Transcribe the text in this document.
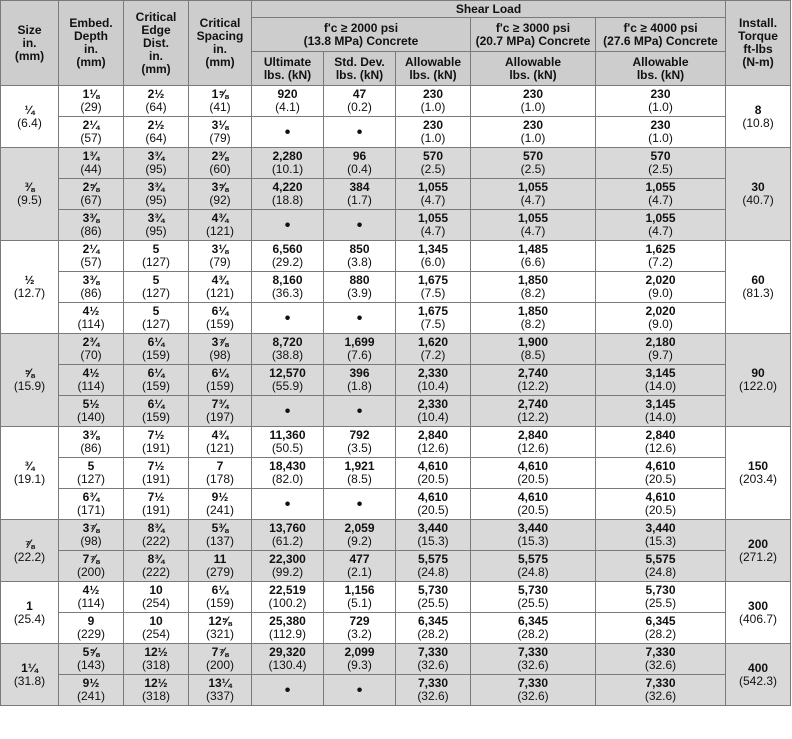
Size
in.
(mm)	Embed.
Depth
in.
(mm)	Critical
Edge
Dist.
in.
(mm)	Critical
Spacing
in.
(mm)	Shear Load					Install.
Torque
ft-lbs
(N-m)
				f'c ≥ 2000 psi
(13.8 MPa) Concrete			f'c ≥ 3000 psi
(20.7 MPa) Concrete	f'c ≥ 4000 psi
(27.6 MPa) Concrete	
				Ultimate
lbs. (kN)	Std. Dev.
lbs. (kN)	Allowable
lbs. (kN)	Allowable
lbs. (kN)	Allowable
lbs. (kN)	

¼
(6.4)	1⅛
(29)	2½
(64)	1⅝
(41)	920
(4.1)	47
(0.2)	230
(1.0)	230
(1.0)	230
(1.0)	8
(10.8)

	2¼
(57)	2½
(64)	3⅛
(79)	•	•	230
(1.0)	230
(1.0)	230
(1.0)	

⅜
(9.5)	1¾
(44)	3¾
(95)	2⅜
(60)	2,280
(10.1)	96
(0.4)	570
(2.5)	570
(2.5)	570
(2.5)	30
(40.7)

	2⅝
(67)	3¾
(95)	3⅝
(92)	4,220
(18.8)	384
(1.7)	1,055
(4.7)	1,055
(4.7)	1,055
(4.7)	

	3⅜
(86)	3¾
(95)	4¾
(121)	•	•	1,055
(4.7)	1,055
(4.7)	1,055
(4.7)	

½
(12.7)	2¼
(57)	5
(127)	3⅛
(79)	6,560
(29.2)	850
(3.8)	1,345
(6.0)	1,485
(6.6)	1,625
(7.2)	60
(81.3)

	3⅜
(86)	5
(127)	4¾
(121)	8,160
(36.3)	880
(3.9)	1,675
(7.5)	1,850
(8.2)	2,020
(9.0)	

	4½
(114)	5
(127)	6¼
(159)	•	•	1,675
(7.5)	1,850
(8.2)	2,020
(9.0)	

⅝
(15.9)	2¾
(70)	6¼
(159)	3⅞
(98)	8,720
(38.8)	1,699
(7.6)	1,620
(7.2)	1,900
(8.5)	2,180
(9.7)	90
(122.0)

	4½
(114)	6¼
(159)	6¼
(159)	12,570
(55.9)	396
(1.8)	2,330
(10.4)	2,740
(12.2)	3,145
(14.0)	

	5½
(140)	6¼
(159)	7¾
(197)	•	•	2,330
(10.4)	2,740
(12.2)	3,145
(14.0)	

¾
(19.1)	3⅜
(86)	7½
(191)	4¾
(121)	11,360
(50.5)	792
(3.5)	2,840
(12.6)	2,840
(12.6)	2,840
(12.6)	150
(203.4)

	5
(127)	7½
(191)	7
(178)	18,430
(82.0)	1,921
(8.5)	4,610
(20.5)	4,610
(20.5)	4,610
(20.5)	

	6¾
(171)	7½
(191)	9½
(241)	•	•	4,610
(20.5)	4,610
(20.5)	4,610
(20.5)	

⅞
(22.2)	3⅞
(98)	8¾
(222)	5⅜
(137)	13,760
(61.2)	2,059
(9.2)	3,440
(15.3)	3,440
(15.3)	3,440
(15.3)	200
(271.2)

	7⅞
(200)	8¾
(222)	11
(279)	22,300
(99.2)	477
(2.1)	5,575
(24.8)	5,575
(24.8)	5,575
(24.8)	

1
(25.4)	4½
(114)	10
(254)	6¼
(159)	22,519
(100.2)	1,156
(5.1)	5,730
(25.5)	5,730
(25.5)	5,730
(25.5)	300
(406.7)

	9
(229)	10
(254)	12⅝
(321)	25,380
(112.9)	729
(3.2)	6,345
(28.2)	6,345
(28.2)	6,345
(28.2)	

1¼
(31.8)	5⅝
(143)	12½
(318)	7⅞
(200)	29,320
(130.4)	2,099
(9.3)	7,330
(32.6)	7,330
(32.6)	7,330
(32.6)	400
(542.3)

	9½
(241)	12½
(318)	13¼
(337)	•	•	7,330
(32.6)	7,330
(32.6)	7,330
(32.6)	
